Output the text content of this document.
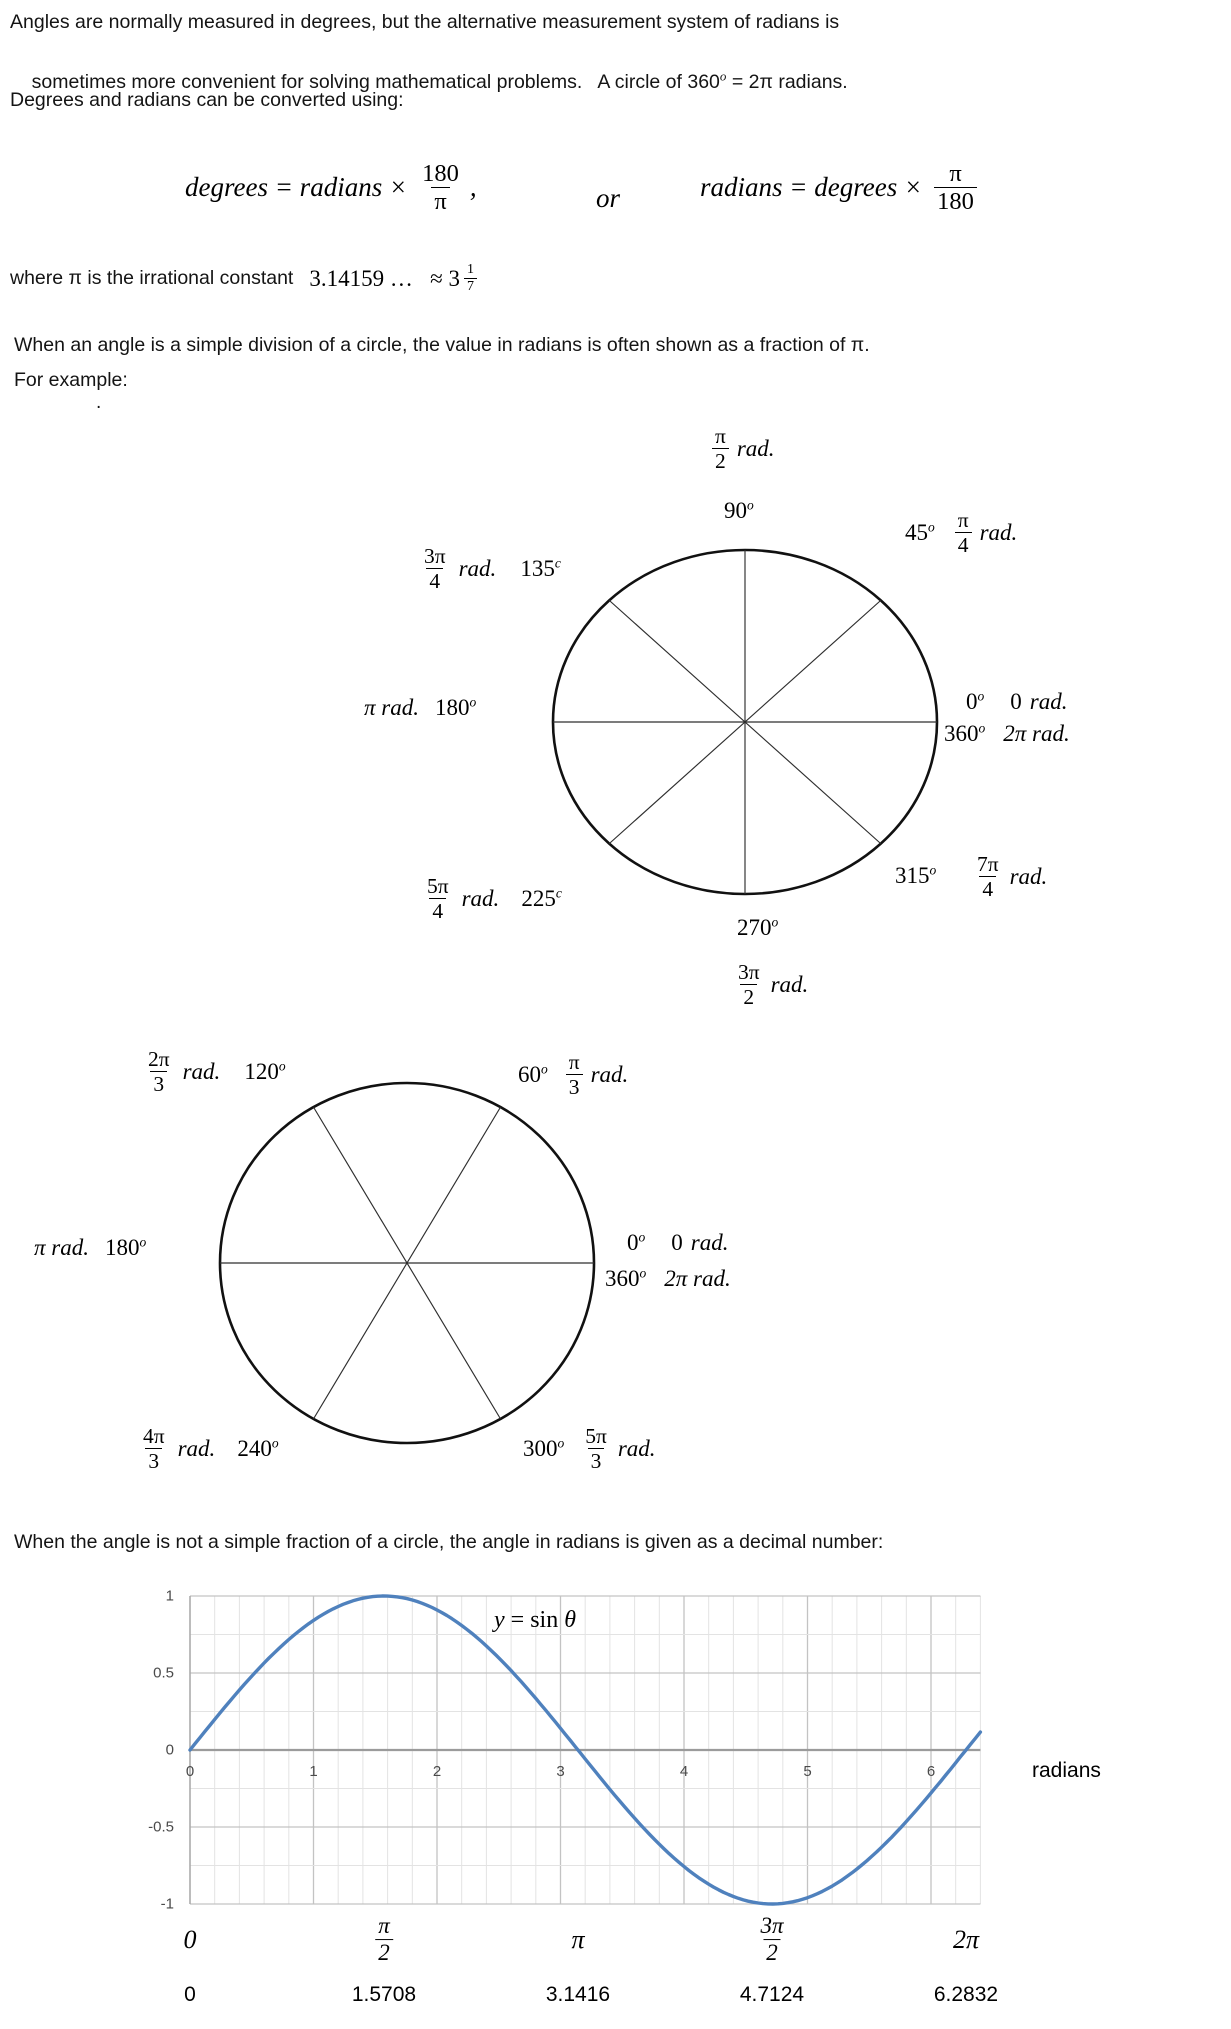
Angles are normally measured in degrees, but the alternative measurement system of radians is

sometimes more convenient for solving mathematical problems.   A circle of $360^o = 2\pi$ radians.

Degrees and radians can be converted using:
degrees = radians × $\frac{180}{\pi}$ ,	or	radians = degrees × $\frac{\pi}{180}$
where π is the irrational constant 3.14159 …   ≈ $3 \frac{1}{7}$
When an angle is a simple division of a circle, the value in radians is often shown as a fraction of π.
For example:
.
When the angle is not a simple fraction of a circle, the angle in radians is given as a decimal number:
y = sin θ
radians
0	1	2	3	4	5	6
1
0.5
0
-0.5
-1
0	$\frac{\pi}{2}$	π	$\frac{3\pi}{2}$	2π
0	1.5708	3.1416	4.7124	6.2832
$\frac{\pi}{2}$ rad.
90$^o$
$\frac{3\pi}{4}$ rad. 135$^c$
π rad. 180$^o$
$45^o \frac{\pi}{4}$ rad.
0$^o$ 0 rad.
360$^o$ 2π rad.
$\frac{5\pi}{4}$ rad. 225$^c$
270$^o$
$\frac{3\pi}{2}$ rad.
$315^o \frac{7\pi}{4}$ rad.
$\frac{2\pi}{3}$ rad. 120$^o$	$60^o \frac{\pi}{3}$ rad.
π rad. 180$^o$	0$^o$ 0 rad.
360$^o$ 2π rad.
$\frac{4\pi}{3}$ rad. 240$^o$	$300^o \frac{5\pi}{3}$ rad.
